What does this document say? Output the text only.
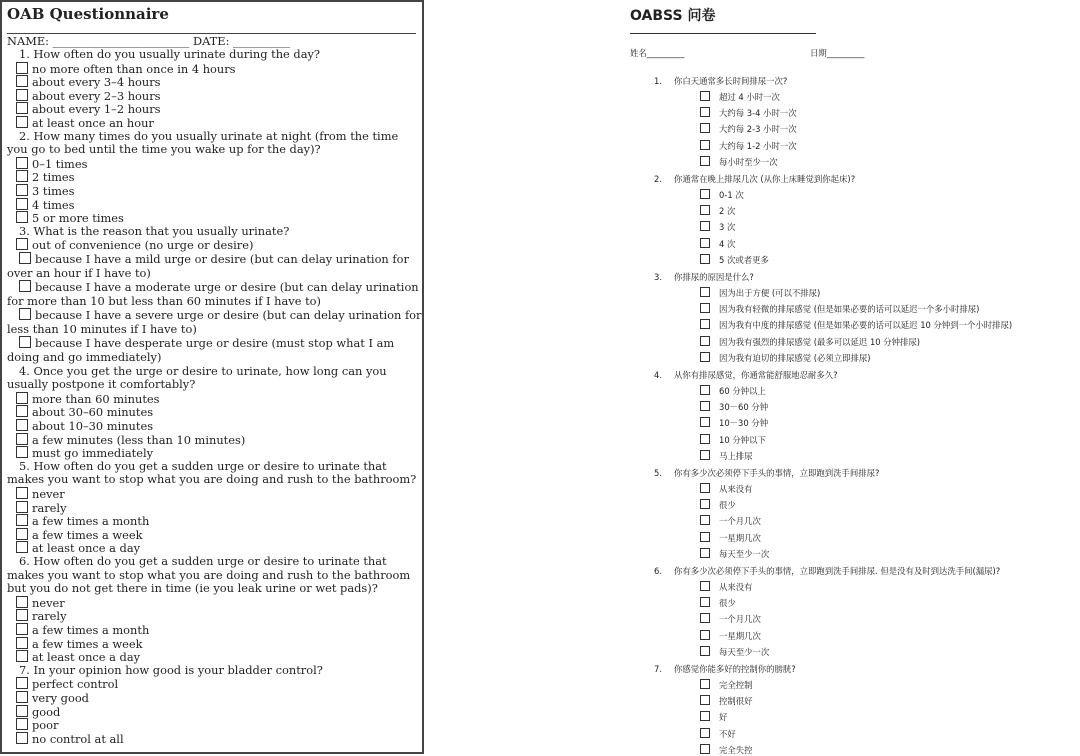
OAB Questionnaire
NAME: ________________________ DATE: __________
1. How often do you usually urinate during the day?
no more often than once in 4 hours
about every 3–4 hours
about every 2–3 hours
about every 1–2 hours
at least once an hour
2. How many times do you usually urinate at night (from the time you go to bed until the time you wake up for the day)?
0–1 times
2 times
3 times
4 times
5 or more times
3. What is the reason that you usually urinate?
out of convenience (no urge or desire)
because I have a mild urge or desire (but can delay urination for over an hour if I have to)
because I have a moderate urge or desire (but can delay urination for more than 10 but less than 60 minutes if I have to)
because I have a severe urge or desire (but can delay urination for less than 10 minutes if I have to)
because I have desperate urge or desire (must stop what I am doing and go immediately)
4. Once you get the urge or desire to urinate, how long can you usually postpone it comfortably?
more than 60 minutes
about 30–60 minutes
about 10–30 minutes
a few minutes (less than 10 minutes)
must go immediately
5. How often do you get a sudden urge or desire to urinate that makes you want to stop what you are doing and rush to the bathroom?
never
rarely
a few times a month
a few times a week
at least once a day
6. How often do you get a sudden urge or desire to urinate that makes you want to stop what you are doing and rush to the bathroom but you do not get there in time (ie you leak urine or wet pads)?
never
rarely
a few times a month
a few times a week
at least once a day
7. In your opinion how good is your bladder control?
perfect control
very good
good
poor
no control at all
OABSS 问卷
姓名_________	日期_________
1. 你白天通常多长时间排尿一次?
超过 4 小时一次
大约每 3-4 小时一次
大约每 2-3 小时一次
大约每 1-2 小时一次
每小时至少一次
2. 你通常在晚上排尿几次 (从你上床睡觉到你起床)?
0-1 次
2 次
3 次
4 次
5 次或者更多
3. 你排尿的原因是什么?
因为出于方便 (可以不排尿)
因为我有轻微的排尿感觉 (但是如果必要的话可以延迟一个多小时排尿)
因为我有中度的排尿感觉 (但是如果必要的话可以延迟 10 分钟到一个小时排尿)
因为我有强烈的排尿感觉 (最多可以延迟 10 分钟排尿)
因为我有迫切的排尿感觉 (必须立即排尿)
4. 从你有排尿感觉，你通常能舒服地忍耐多久?
60 分钟以上
30－60 分钟
10－30 分钟
10 分钟以下
马上排尿
5. 你有多少次必须停下手头的事情，立即跑到洗手间排尿?
从来没有
很少
一个月几次
一星期几次
每天至少一次
6. 你有多少次必须停下手头的事情，立即跑到洗手间排尿. 但是没有及时到达洗手间(漏尿)?
从来没有
很少
一个月几次
一星期几次
每天至少一次
7. 你感觉你能多好的控制你的膀胱?
完全控制
控制很好
好
不好
完全失控
